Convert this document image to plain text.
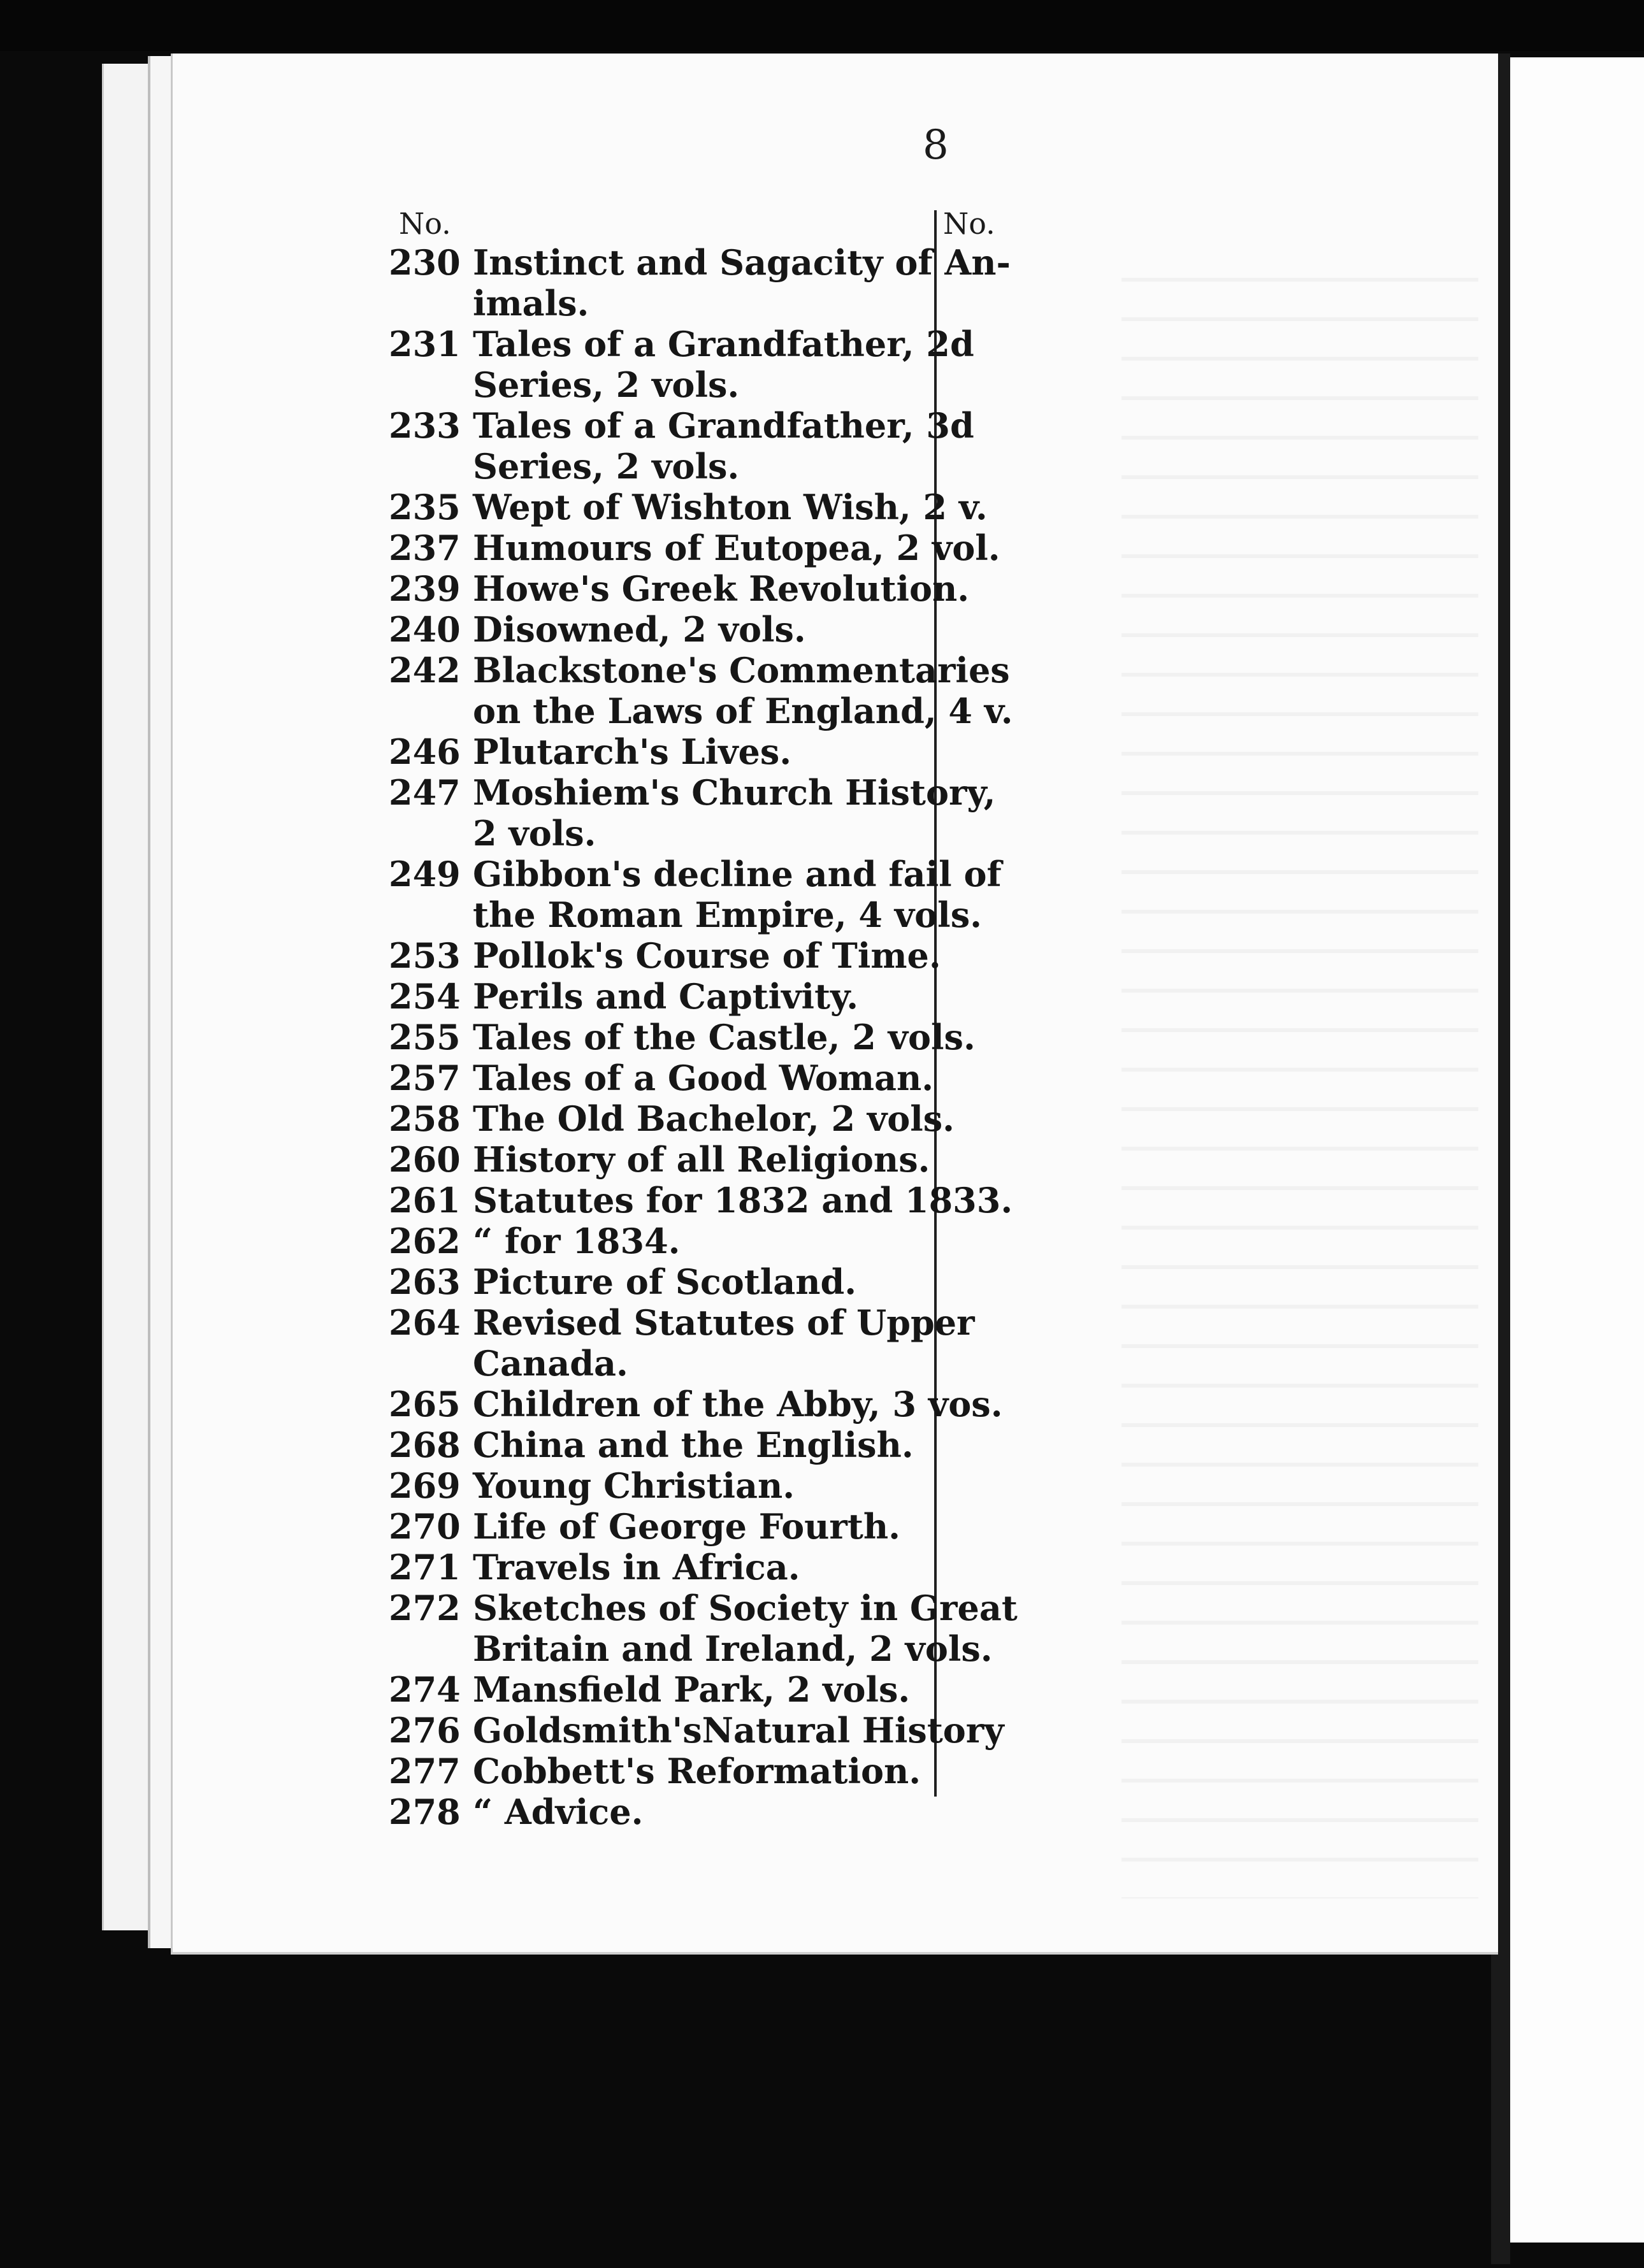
8
No.	No.
230 Instinct and Sagacity of An-
imals.
231 Tales of a Grandfather, 2d
Series, 2 vols.
233 Tales of a Grandfather, 3d
Series, 2 vols.
235 Wept of Wishton Wish, 2 v.
237 Humours of Eutopea, 2 vol.
239 Howe's Greek Revolution.
240 Disowned, 2 vols.
242 Blackstone's Commentaries
on the Laws of England, 4 v.
246 Plutarch's Lives.
247 Moshiem's Church History,
2 vols.
249 Gibbon's decline and fail of
the Roman Empire, 4 vols.
253 Pollok's Course of Time.
254 Perils and Captivity.
255 Tales of the Castle, 2 vols.
257 Tales of a Good Woman.
258 The Old Bachelor, 2 vols.
260 History of all Religions.
261 Statutes for 1832 and 1833.
262 “ for 1834.
263 Picture of Scotland.
264 Revised Statutes of Upper
Canada.
265 Children of the Abby, 3 vos.
268 China and the English.
269 Young Christian.
270 Life of George Fourth.
271 Travels in Africa.
272 Sketches of Society in Great
Britain and Ireland, 2 vols.
274 Mansfield Park, 2 vols.
276 Goldsmith'sNatural History
277 Cobbett's Reformation.
278 “ Advice.
